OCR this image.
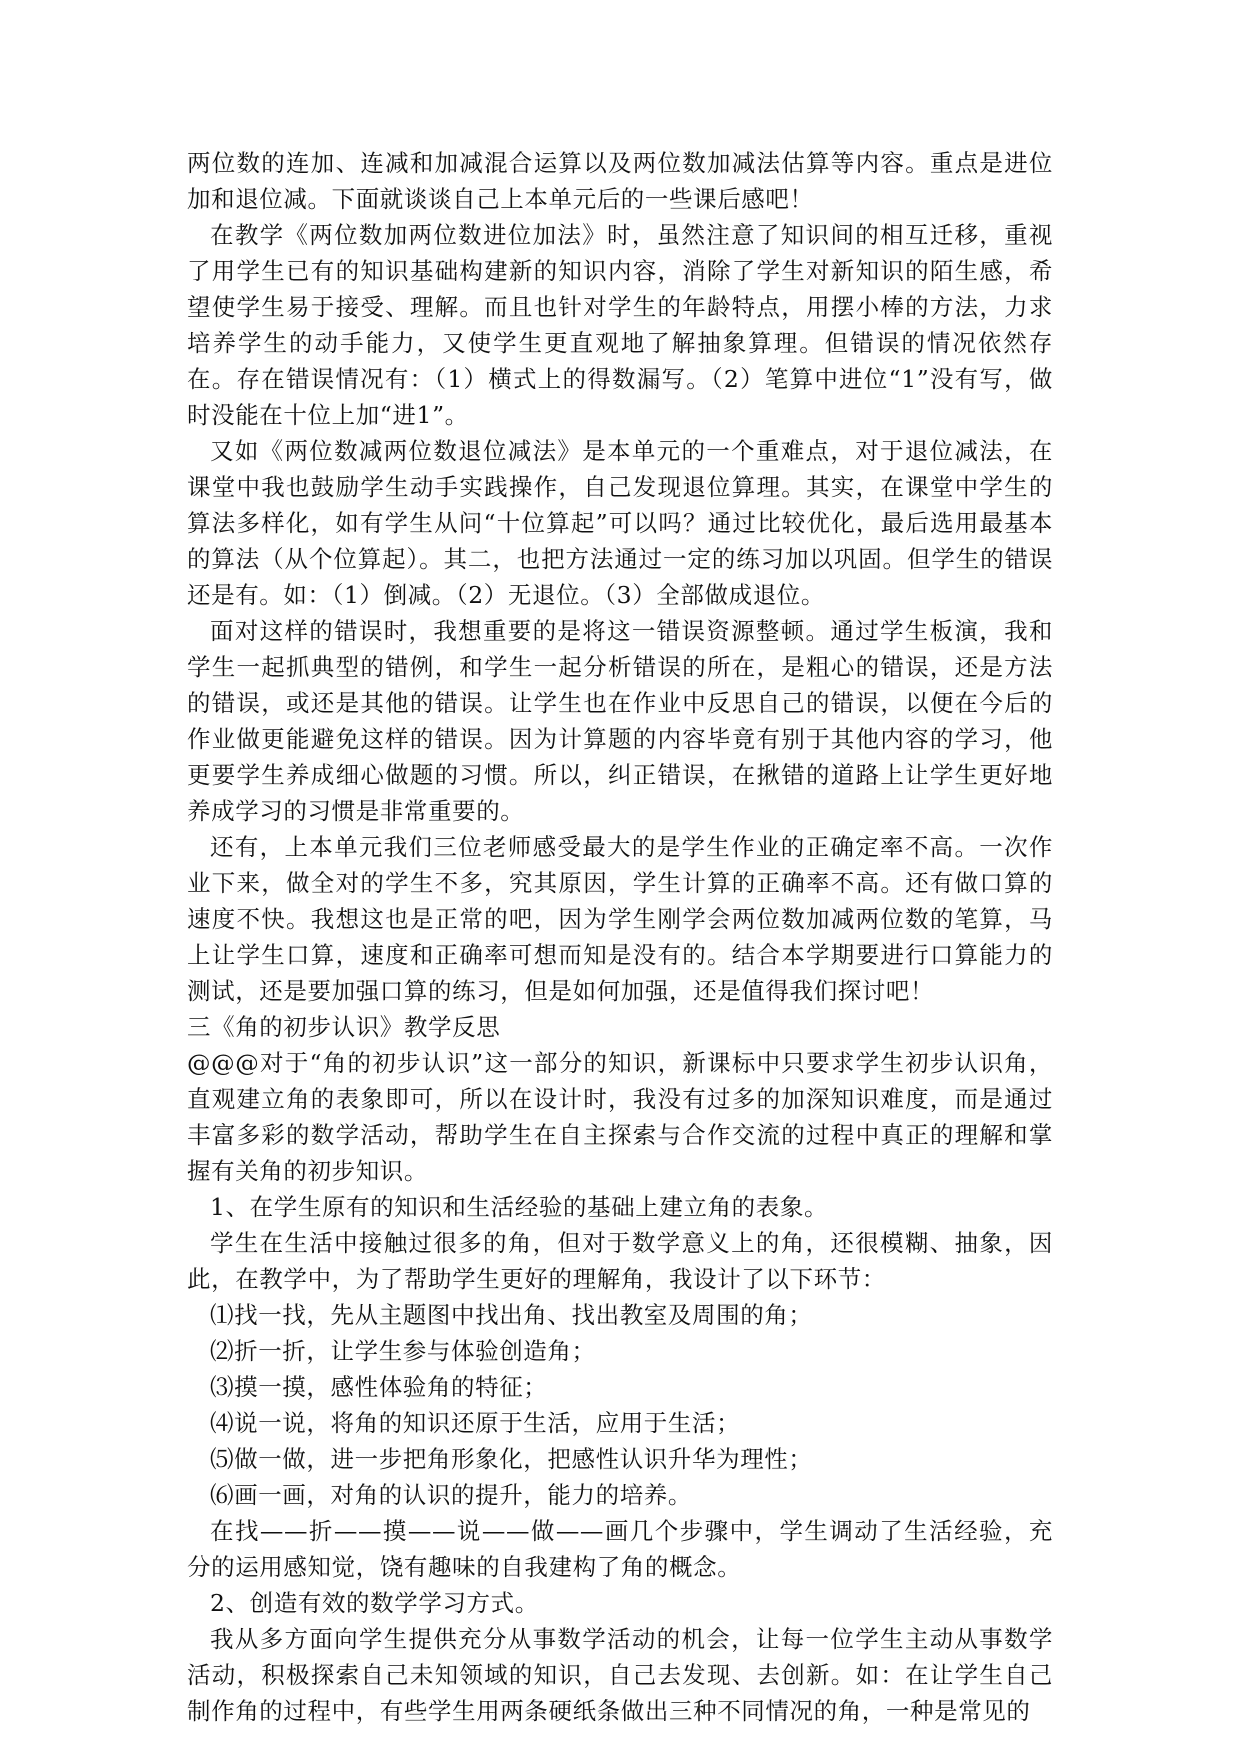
两位数的连加、连减和加减混合运算以及两位数加减法估算等内容。重点是进位加和退位减。下面就谈谈自己上本单元后的一些课后感吧！

在教学《两位数加两位数进位加法》时，虽然注意了知识间的相互迁移，重视了用学生已有的知识基础构建新的知识内容，消除了学生对新知识的陌生感，希望使学生易于接受、理解。而且也针对学生的年龄特点，用摆小棒的方法，力求培养学生的动手能力，又使学生更直观地了解抽象算理。但错误的情况依然存在。存在错误情况有：（1）横式上的得数漏写。（2）笔算中进位“1”没有写，做时没能在十位上加“进1”。

又如《两位数减两位数退位减法》是本单元的一个重难点，对于退位减法，在课堂中我也鼓励学生动手实践操作，自己发现退位算理。其实，在课堂中学生的算法多样化，如有学生从问“十位算起”可以吗？通过比较优化，最后选用最基本的算法（从个位算起）。其二，也把方法通过一定的练习加以巩固。但学生的错误还是有。如：（1）倒减。（2）无退位。（3）全部做成退位。

面对这样的错误时，我想重要的是将这一错误资源整顿。通过学生板演，我和学生一起抓典型的错例，和学生一起分析错误的所在，是粗心的错误，还是方法的错误，或还是其他的错误。让学生也在作业中反思自己的错误，以便在今后的作业做更能避免这样的错误。因为计算题的内容毕竟有别于其他内容的学习，他更要学生养成细心做题的习惯。所以，纠正错误，在揪错的道路上让学生更好地养成学习的习惯是非常重要的。

还有，上本单元我们三位老师感受最大的是学生作业的正确定率不高。一次作业下来，做全对的学生不多，究其原因，学生计算的正确率不高。还有做口算的速度不快。我想这也是正常的吧，因为学生刚学会两位数加减两位数的笔算，马上让学生口算，速度和正确率可想而知是没有的。结合本学期要进行口算能力的测试，还是要加强口算的练习，但是如何加强，还是值得我们探讨吧！

三《角的初步认识》教学反思

@@@对于“角的初步认识”这一部分的知识，新课标中只要求学生初步认识角，直观建立角的表象即可，所以在设计时，我没有过多的加深知识难度，而是通过丰富多彩的数学活动，帮助学生在自主探索与合作交流的过程中真正的理解和掌握有关角的初步知识。

1、在学生原有的知识和生活经验的基础上建立角的表象。

学生在生活中接触过很多的角，但对于数学意义上的角，还很模糊、抽象，因此，在教学中，为了帮助学生更好的理解角，我设计了以下环节：

⑴找一找，先从主题图中找出角、找出教室及周围的角；

⑵折一折，让学生参与体验创造角；

⑶摸一摸，感性体验角的特征；

⑷说一说，将角的知识还原于生活，应用于生活；

⑸做一做，进一步把角形象化，把感性认识升华为理性；

⑹画一画，对角的认识的提升，能力的培养。

在找——折——摸——说——做——画几个步骤中，学生调动了生活经验，充分的运用感知觉，饶有趣味的自我建构了角的概念。

2、创造有效的数学学习方式。

我从多方面向学生提供充分从事数学活动的机会，让每一位学生主动从事数学活动，积极探索自己未知领域的知识，自己去发现、去创新。如：在让学生自己制作角的过程中，有些学生用两条硬纸条做出三种不同情况的角，一种是常见的
